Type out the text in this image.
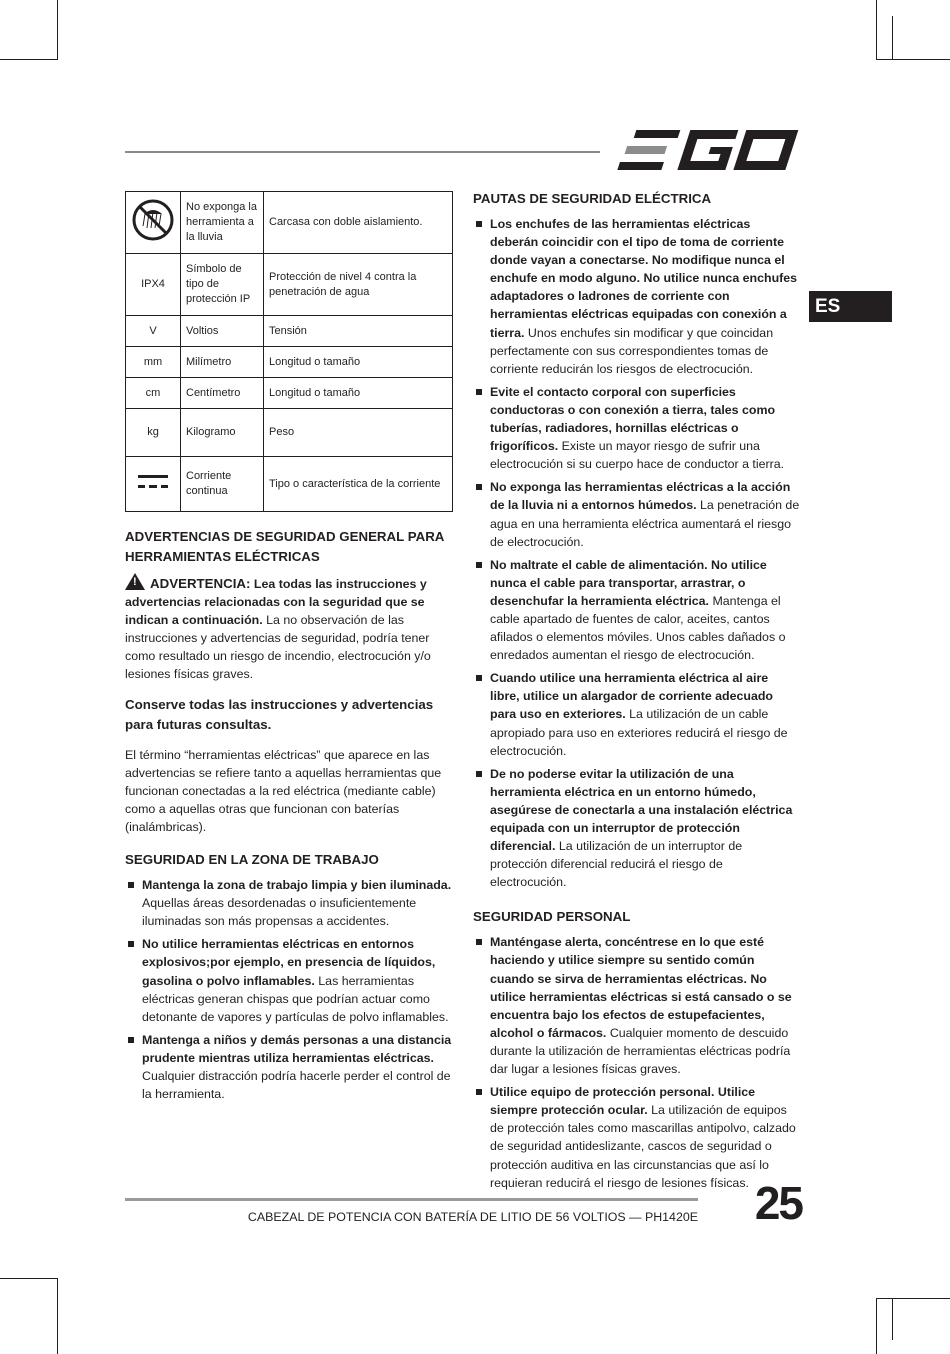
ES
	No exponga la herramienta a la lluvia	Carcasa con doble aislamiento.
IPX4	Símbolo de tipo de protección IP	Protección de nivel 4 contra la penetración de agua
V	Voltios	Tensión
mm	Milímetro	Longitud o tamaño
cm	Centímetro	Longitud o tamaño
kg	Kilogramo	Peso
	Corriente continua	Tipo o característica de la corriente
ADVERTENCIAS DE SEGURIDAD GENERAL PARA HERRAMIENTAS ELÉCTRICAS

!ADVERTENCIA: Lea todas las instrucciones y advertencias relacionadas con la seguridad que se indican a continuación. La no observación de las instrucciones y advertencias de seguridad, podría tener como resultado un riesgo de incendio, electrocución y/o lesiones físicas graves.

Conserve todas las instrucciones y advertencias para futuras consultas.

El término “herramientas eléctricas” que aparece en las advertencias se refiere tanto a aquellas herramientas que funcionan conectadas a la red eléctrica (mediante cable) como a aquellas otras que funcionan con baterías (inalámbricas).

SEGURIDAD EN LA ZONA DE TRABAJO
Mantenga la zona de trabajo limpia y bien iluminada. Aquellas áreas desordenadas o insuficientemente iluminadas son más propensas a accidentes.
No utilice herramientas eléctricas en entornos explosivos;por ejemplo, en presencia de líquidos, gasolina o polvo inflamables. Las herramientas eléctricas generan chispas que podrían actuar como detonante de vapores y partículas de polvo inflamables.
Mantenga a niños y demás personas a una distancia prudente mientras utiliza herramientas eléctricas. Cualquier distracción podría hacerle perder el control de la herramienta.
PAUTAS DE SEGURIDAD ELÉCTRICA
Los enchufes de las herramientas eléctricas deberán coincidir con el tipo de toma de corriente donde vayan a conectarse. No modifique nunca el enchufe en modo alguno. No utilice nunca enchufes adaptadores o ladrones de corriente con herramientas eléctricas equipadas con conexión a tierra. Unos enchufes sin modificar y que coincidan perfectamente con sus correspondientes tomas de corriente reducirán los riesgos de electrocución.
Evite el contacto corporal con superficies conductoras o con conexión a tierra, tales como tuberías, radiadores, hornillas eléctricas o frigoríficos. Existe un mayor riesgo de sufrir una electrocución si su cuerpo hace de conductor a tierra.
No exponga las herramientas eléctricas a la acción de la lluvia ni a entornos húmedos. La penetración de agua en una herramienta eléctrica aumentará el riesgo de electrocución.
No maltrate el cable de alimentación. No utilice nunca el cable para transportar, arrastrar, o desenchufar la herramienta eléctrica. Mantenga el cable apartado de fuentes de calor, aceites, cantos afilados o elementos móviles. Unos cables dañados o enredados aumentan el riesgo de electrocución.
Cuando utilice una herramienta eléctrica al aire libre, utilice un alargador de corriente adecuado para uso en exteriores. La utilización de un cable apropiado para uso en exteriores reducirá el riesgo de electrocución.
De no poderse evitar la utilización de una herramienta eléctrica en un entorno húmedo, asegúrese de conectarla a una instalación eléctrica equipada con un interruptor de protección diferencial. La utilización de un interruptor de protección diferencial reducirá el riesgo de electrocución.
SEGURIDAD PERSONAL
Manténgase alerta, concéntrese en lo que esté haciendo y utilice siempre su sentido común cuando se sirva de herramientas eléctricas. No utilice herramientas eléctricas si está cansado o se encuentra bajo los efectos de estupefacientes, alcohol o fármacos. Cualquier momento de descuido durante la utilización de herramientas eléctricas podría dar lugar a lesiones físicas graves.
Utilice equipo de protección personal. Utilice siempre protección ocular. La utilización de equipos de protección tales como mascarillas antipolvo, calzado de seguridad antideslizante, cascos de seguridad o protección auditiva en las circunstancias que así lo requieran reducirá el riesgo de lesiones físicas.
CABEZAL DE POTENCIA CON BATERÍA DE LITIO DE 56 VOLTIOS — PH1420E 25
